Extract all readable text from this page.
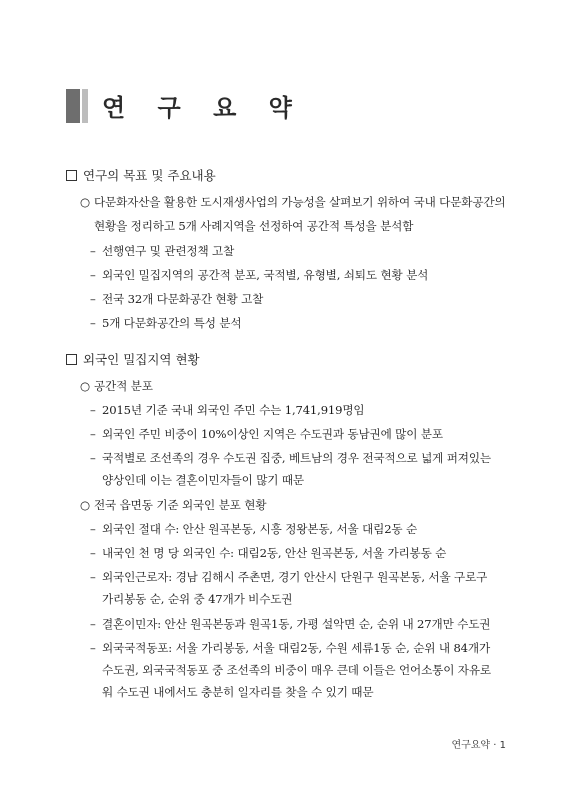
연 구 요 약
연구의 목표 및 주요내용
○ 다문화자산을 활용한 도시재생사업의 가능성을 살펴보기 위하여 국내 다문화공간의
현황을 정리하고 5개 사례지역을 선정하여 공간적 특성을 분석함
– 선행연구 및 관련정책 고찰
– 외국인 밀집지역의 공간적 분포, 국적별, 유형별, 쇠퇴도 현황 분석
– 전국 32개 다문화공간 현황 고찰
– 5개 다문화공간의 특성 분석
외국인 밀집지역 현황
○ 공간적 분포
– 2015년 기준 국내 외국인 주민 수는 1,741,919명임
– 외국인 주민 비중이 10%이상인 지역은 수도권과 동남권에 많이 분포
– 국적별로 조선족의 경우 수도권 집중, 베트남의 경우 전국적으로 넓게 퍼져있는
양상인데 이는 결혼이민자들이 많기 때문
○ 전국 읍면동 기준 외국인 분포 현황
– 외국인 절대 수: 안산 원곡본동, 시흥 정왕본동, 서울 대림2동 순
– 내국인 천 명 당 외국인 수: 대림2동, 안산 원곡본동, 서울 가리봉동 순
– 외국인근로자: 경남 김해시 주촌면, 경기 안산시 단원구 원곡본동, 서울 구로구
가리봉동 순, 순위 중 47개가 비수도권
– 결혼이민자: 안산 원곡본동과 원곡1동, 가평 설악면 순, 순위 내 27개만 수도권
– 외국국적동포: 서울 가리봉동, 서울 대림2동, 수원 세류1동 순, 순위 내 84개가
수도권, 외국국적동포 중 조선족의 비중이 매우 큰데 이들은 언어소통이 자유로
워 수도권 내에서도 충분히 일자리를 찾을 수 있기 때문
연구요약 · 1
